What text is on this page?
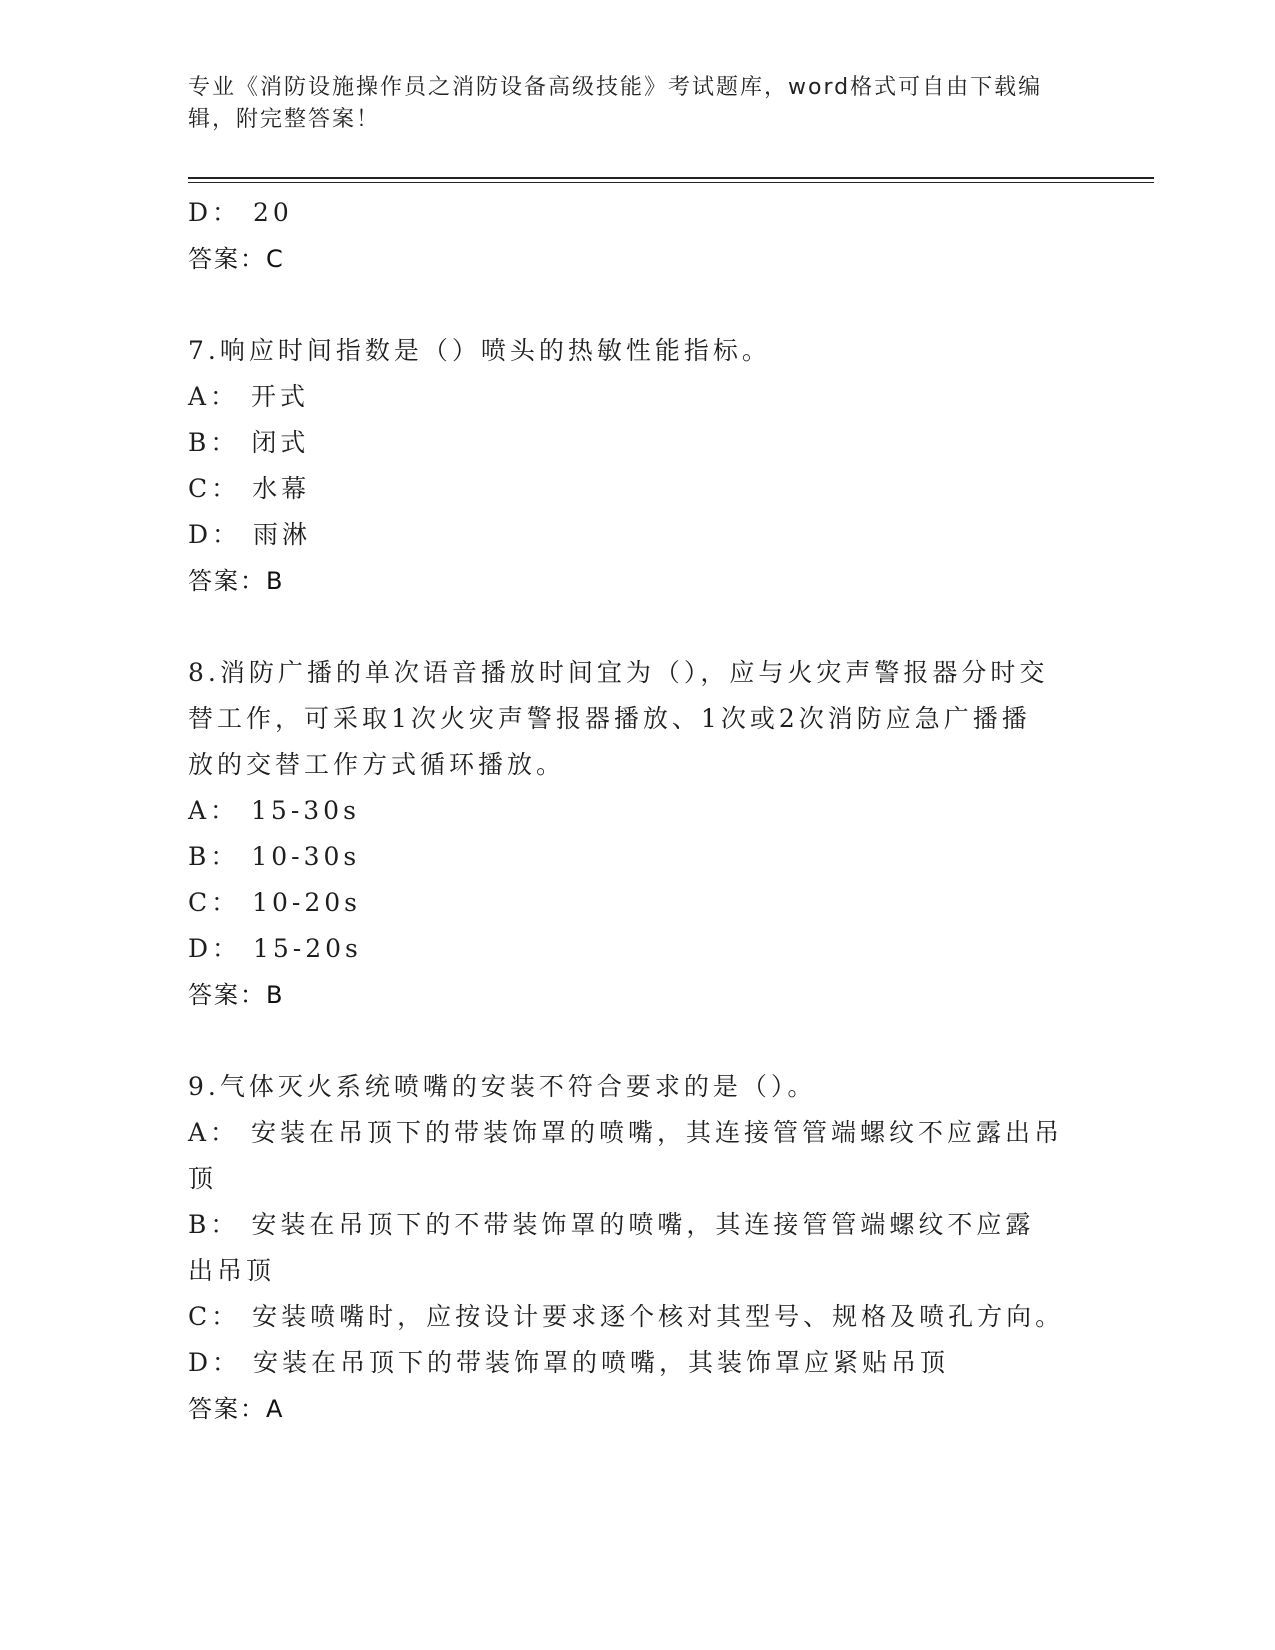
专业《消防设施操作员之消防设备高级技能》考试题库，word格式可自由下载编辑，附完整答案！
D： 20
答案：C
7.响应时间指数是（）喷头的热敏性能指标。
A： 开式
B： 闭式
C： 水幕
D： 雨淋
答案：B
8.消防广播的单次语音播放时间宜为（），应与火灾声警报器分时交替工作，可采取1次火灾声警报器播放、1次或2次消防应急广播播放的交替工作方式循环播放。
A： 15-30s
B： 10-30s
C： 10-20s
D： 15-20s
答案：B
9.气体灭火系统喷嘴的安装不符合要求的是（）。
A： 安装在吊顶下的带装饰罩的喷嘴，其连接管管端螺纹不应露出吊顶
B： 安装在吊顶下的不带装饰罩的喷嘴，其连接管管端螺纹不应露出吊顶
C： 安装喷嘴时，应按设计要求逐个核对其型号、规格及喷孔方向。
D： 安装在吊顶下的带装饰罩的喷嘴，其装饰罩应紧贴吊顶
答案：A
